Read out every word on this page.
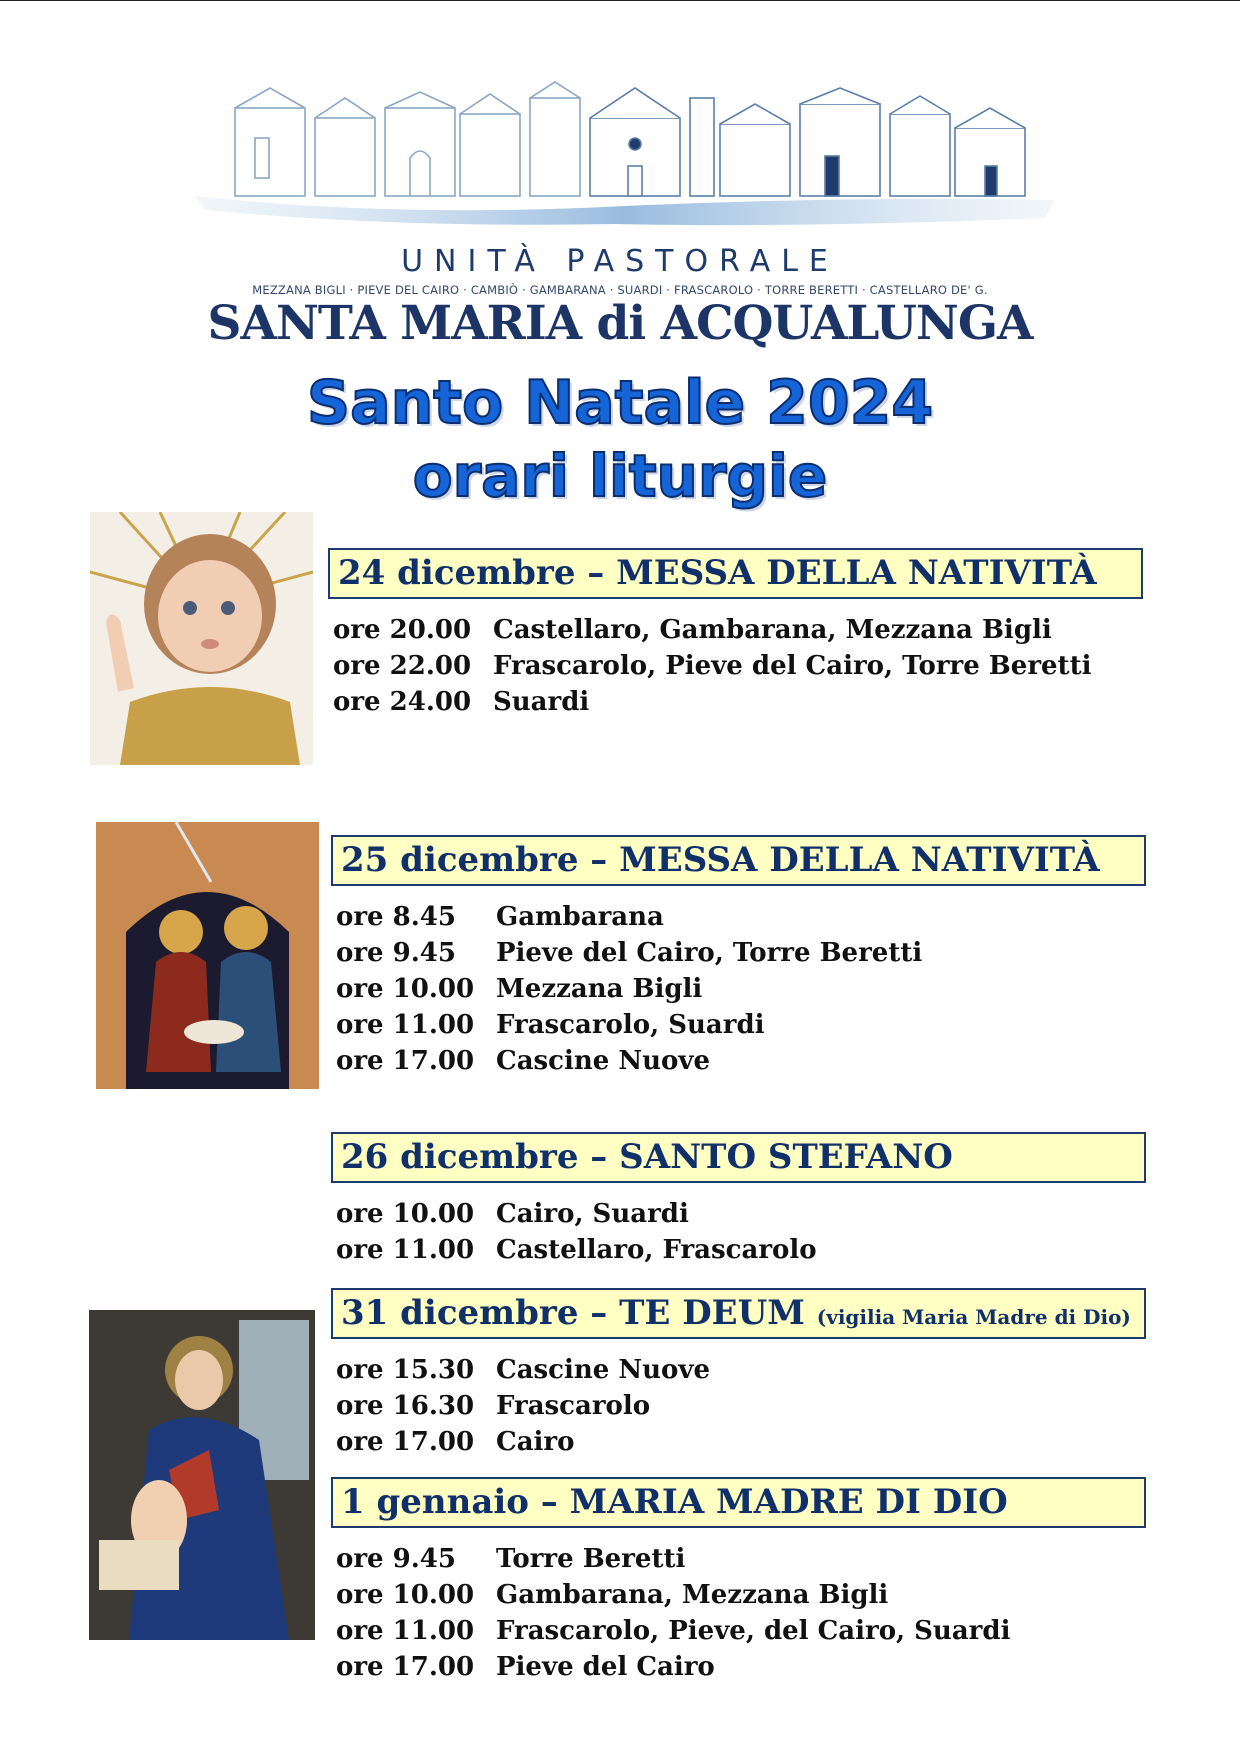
UNITÀ PASTORALE
MEZZANA BIGLI · PIEVE DEL CAIRO · CAMBIÒ · GAMBARANA · SUARDI · FRASCAROLO · TORRE BERETTI · CASTELLARO DE' G.
SANTA MARIA di ACQUALUNGA
Santo Natale 2024
orari liturgie
24 dicembre – MESSA DELLA NATIVITÀ
ore 20.00 Castellaro, Gambarana, Mezzana Bigli
ore 22.00 Frascarolo, Pieve del Cairo, Torre Beretti
ore 24.00 Suardi
25 dicembre – MESSA DELLA NATIVITÀ
ore 8.45 Gambarana
ore 9.45 Pieve del Cairo, Torre Beretti
ore 10.00 Mezzana Bigli
ore 11.00 Frascarolo, Suardi
ore 17.00 Cascine Nuove
26 dicembre – SANTO STEFANO
ore 10.00 Cairo, Suardi
ore 11.00 Castellaro, Frascarolo
31 dicembre – TE DEUM (vigilia Maria Madre di Dio)
ore 15.30 Cascine Nuove
ore 16.30 Frascarolo
ore 17.00 Cairo
1 gennaio – MARIA MADRE DI DIO
ore 9.45 Torre Beretti
ore 10.00 Gambarana, Mezzana Bigli
ore 11.00 Frascarolo, Pieve, del Cairo, Suardi
ore 17.00 Pieve del Cairo
